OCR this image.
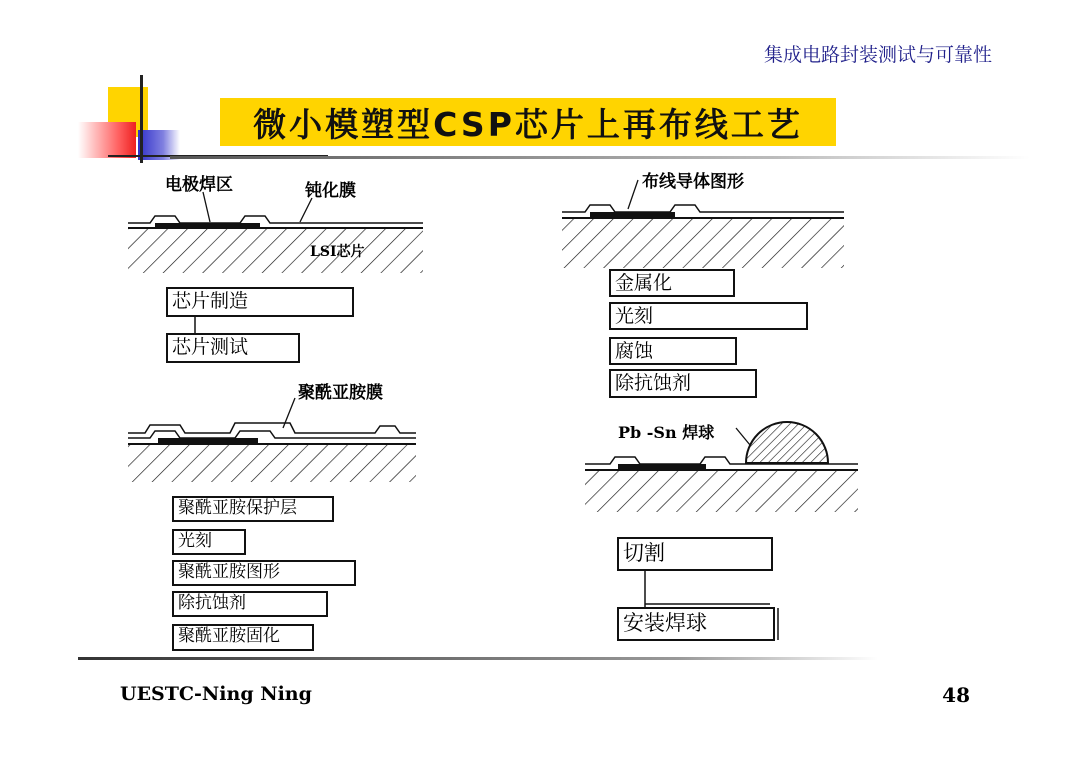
集成电路封装测试与可靠性
微小模塑型CSP芯片上再布线工艺
电极焊区	钝化膜
LSI芯片
聚酰亚胺膜
布线导体图形
Pb -Sn 焊球
芯片制造
芯片测试
聚酰亚胺保护层
光刻
聚酰亚胺图形
除抗蚀剂
聚酰亚胺固化
金属化
光刻
腐蚀
除抗蚀剂
切割
安装焊球
UESTC-Ning Ning	48
